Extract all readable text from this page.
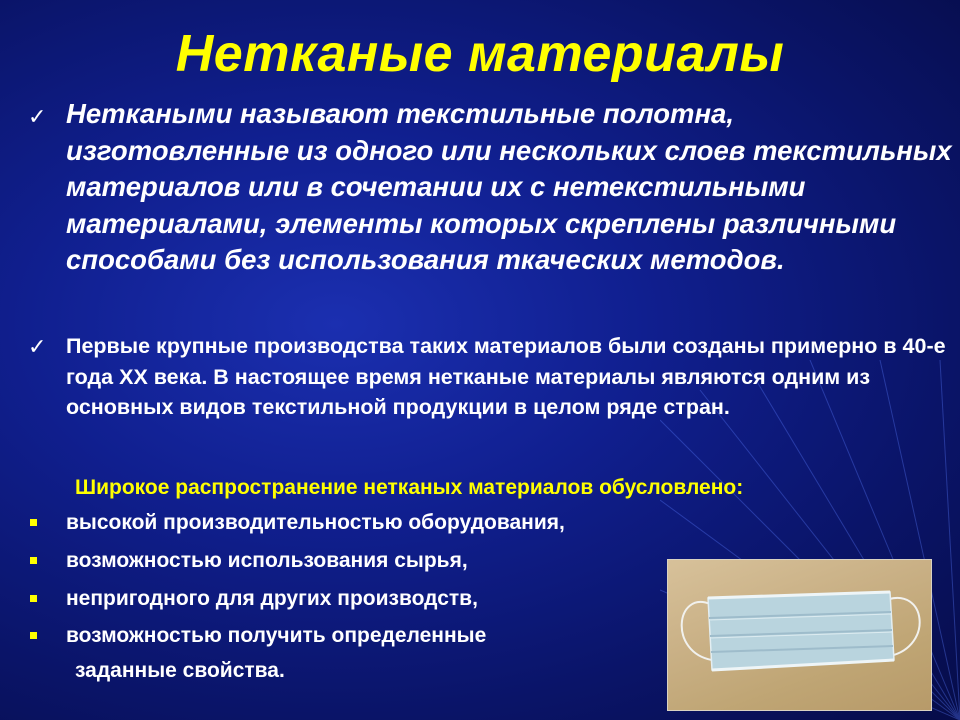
Нетканые материалы
✓ Неткаными называют текстильные полотна, изготовленные из одного или нескольких слоев текстильных материалов или в сочетании их с нетекстильными материалами, элементы которых скреплены различными способами без использования ткаческих методов.
✓ Первые крупные производства таких материалов были созданы примерно в 40-е года XX века. В настоящее время нетканые материалы являются одним из основных видов текстильной продукции в целом ряде стран.
Широкое распространение нетканых материалов обусловлено:
высокой производительностью оборудования,
возможностью использования сырья,
непригодного для других производств,
возможностью получить определенные
заданные свойства.
